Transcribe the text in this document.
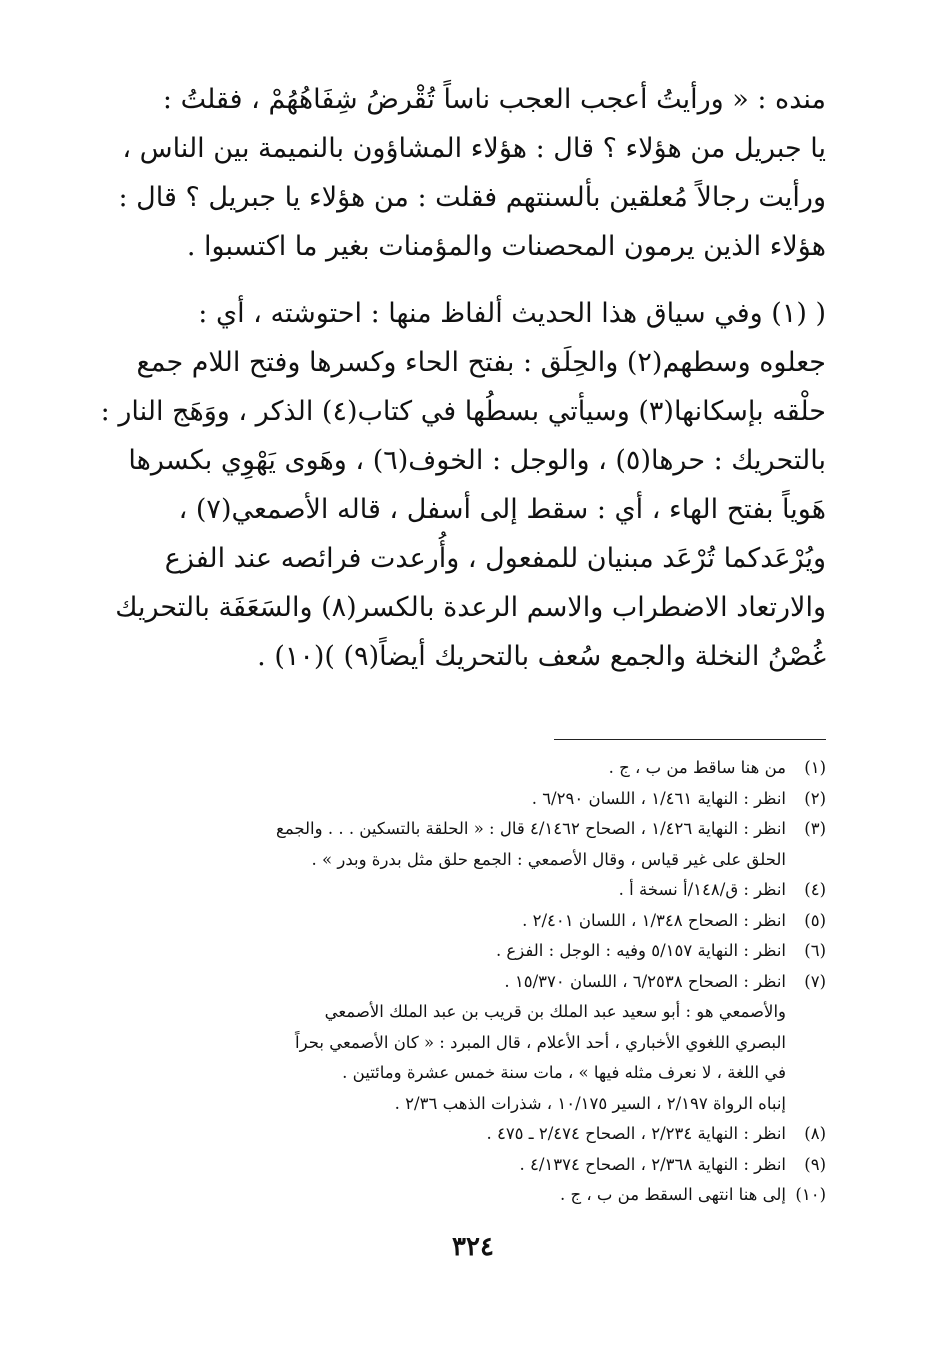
منده : « ورأيتُ أعجب العجب ناساً تُقْرضُ شِفَاهُهُمْ ، فقلتُ :
يا جبريل من هؤلاء ؟ قال : هؤلاء المشاؤون بالنميمة بين الناس ،
ورأيت رجالاً مُعلقين بألسنتهم فقلت : من هؤلاء يا جبريل ؟ قال :
هؤلاء الذين يرمون المحصنات والمؤمنات بغير ما اكتسبوا .

( (١) وفي سياق هذا الحديث ألفاظ منها : احتوشته ، أي :
جعلوه وسطهم(٢) والحِلَق : بفتح الحاء وكسرها وفتح اللام جمع
حلْقه بإسكانها(٣) وسيأتي بسطُها في كتاب(٤) الذكر ، ووَهَج النار :
بالتحريك : حرها(٥) ، والوجل : الخوف(٦) ، وهَوى يَهْوِي بكسرها
هَوياً بفتح الهاء ، أي : سقط إلى أسفل ، قاله الأصمعي(٧) ،
ويُرْعَدكما تُرْعَد مبنيان للمفعول ، وأُرعدت فرائصه عند الفزع
والارتعاد الاضطراب والاسم الرعدة بالكسر(٨) والسَعَفَة بالتحريك
غُصْنُ النخلة والجمع سُعف بالتحريك أيضاً(٩) )(١٠) .

(١)
من هنا ساقط من ب ، ج .
(٢)
انظر : النهاية ١/٤٦١ ، اللسان ٦/٢٩٠ .
(٣)
انظر : النهاية ١/٤٢٦ ، الصحاح ٤/١٤٦٢ قال : « الحلقة بالتسكين . . . والجمع
الحلق على غير قياس ، وقال الأصمعي : الجمع حلق مثل بدرة وبدر » .
(٤)
انظر : ق/١٤٨/أ نسخة أ .
(٥)
انظر : الصحاح ١/٣٤٨ ، اللسان ٢/٤٠١ .
(٦)
انظر : النهاية ٥/١٥٧ وفيه : الوجل : الفزع .
(٧)
انظر : الصحاح ٦/٢٥٣٨ ، اللسان ١٥/٣٧٠ .
والأصمعي هو : أبو سعيد عبد الملك بن قريب بن عبد الملك الأصمعي
البصري اللغوي الأخباري ، أحد الأعلام ، قال المبرد : « كان الأصمعي بحراً
في اللغة ، لا نعرف مثله فيها » ، مات سنة خمس عشرة ومائتين .
إنباه الرواة ٢/١٩٧ ، السير ١٠/١٧٥ ، شذرات الذهب ٢/٣٦ .
(٨)
انظر : النهاية ٢/٢٣٤ ، الصحاح ٢/٤٧٤ ـ ٤٧٥ .
(٩)
انظر : النهاية ٢/٣٦٨ ، الصحاح ٤/١٣٧٤ .
(١٠)
إلى هنا انتهى السقط من ب ، ج .
٣٢٤
